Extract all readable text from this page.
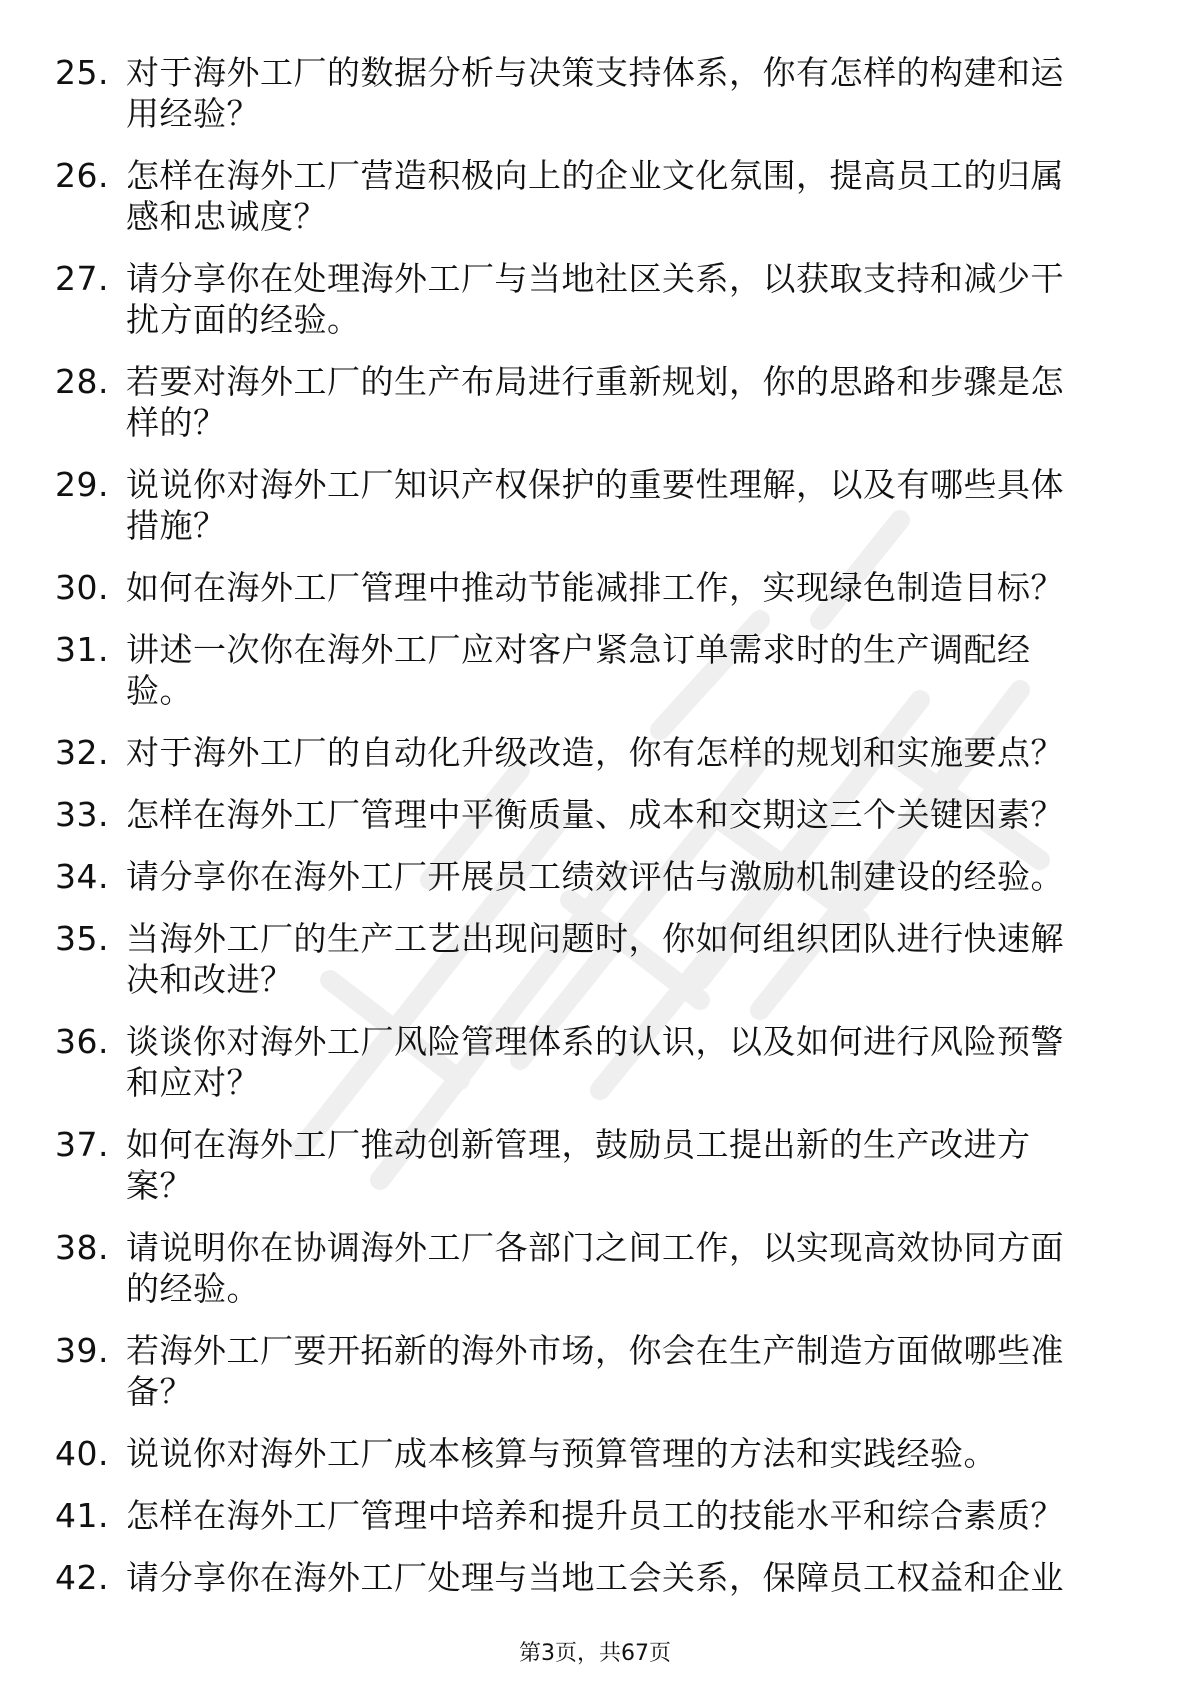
25. 对于海外工厂的数据分析与决策支持体系，你有怎样的构建和运用经验？
26. 怎样在海外工厂营造积极向上的企业文化氛围，提高员工的归属感和忠诚度？
27. 请分享你在处理海外工厂与当地社区关系，以获取支持和减少干扰方面的经验。
28. 若要对海外工厂的生产布局进行重新规划，你的思路和步骤是怎样的？
29. 说说你对海外工厂知识产权保护的重要性理解，以及有哪些具体措施？
30. 如何在海外工厂管理中推动节能减排工作，实现绿色制造目标？
31. 讲述一次你在海外工厂应对客户紧急订单需求时的生产调配经验。
32. 对于海外工厂的自动化升级改造，你有怎样的规划和实施要点？
33. 怎样在海外工厂管理中平衡质量、成本和交期这三个关键因素？
34. 请分享你在海外工厂开展员工绩效评估与激励机制建设的经验。
35. 当海外工厂的生产工艺出现问题时，你如何组织团队进行快速解决和改进？
36. 谈谈你对海外工厂风险管理体系的认识，以及如何进行风险预警和应对？
37. 如何在海外工厂推动创新管理，鼓励员工提出新的生产改进方案？
38. 请说明你在协调海外工厂各部门之间工作，以实现高效协同方面的经验。
39. 若海外工厂要开拓新的海外市场，你会在生产制造方面做哪些准备？
40. 说说你对海外工厂成本核算与预算管理的方法和实践经验。
41. 怎样在海外工厂管理中培养和提升员工的技能水平和综合素质？
42. 请分享你在海外工厂处理与当地工会关系，保障员工权益和企业
第3页，共67页
